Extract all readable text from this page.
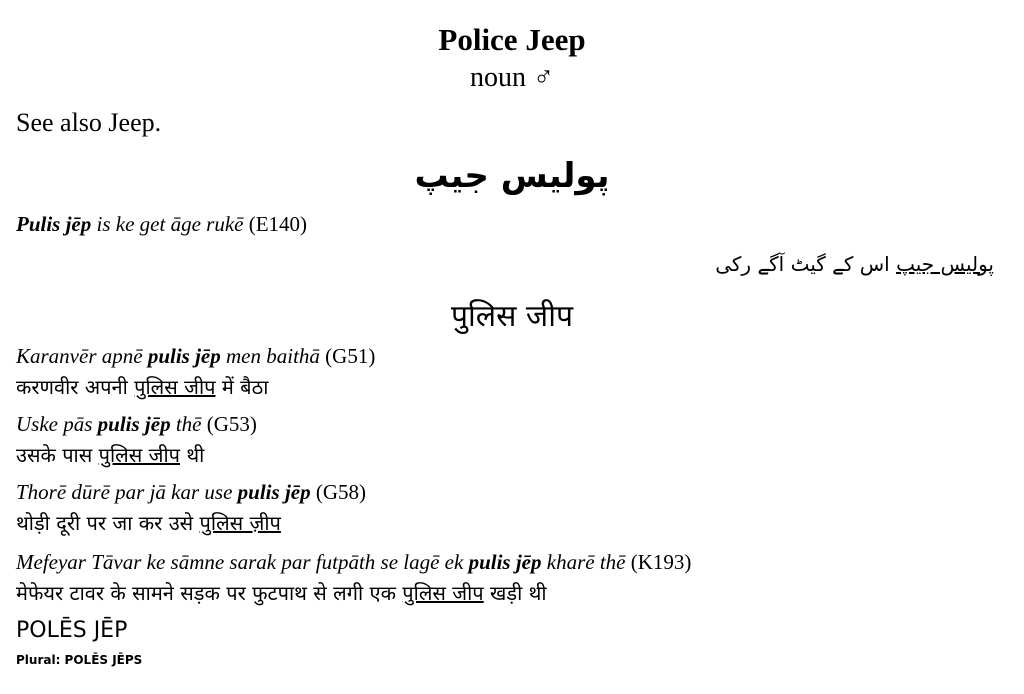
Police Jeep
noun ♂
See also Jeep.
پولیس جیپ
Pulis jēp is ke get āge rukē (E140)
پولیس جیپ اس کے گیٹ آگے رکی
पुलिस जीप
Karanvēr apnē pulis jēp men baithā (G51)
करणवीर अपनी पुलिस जीप में बैठा
Uske pās pulis jēp thē (G53)
उसके पास पुलिस जीप थी
Thorē dūrē par jā kar use pulis jēp (G58)
थोड़ी दूरी पर जा कर उसे पुलिस ज़ीप
Mefeyar Tāvar ke sāmne sarak par futpāth se lagē ek pulis jēp kharē thē (K193)
मेफेयर टावर के सामने सड़क पर फुटपाथ से लगी एक पुलिस जीप खड़ी थी
POLĒS JĒP
Plural: POLĒS JĒPS
